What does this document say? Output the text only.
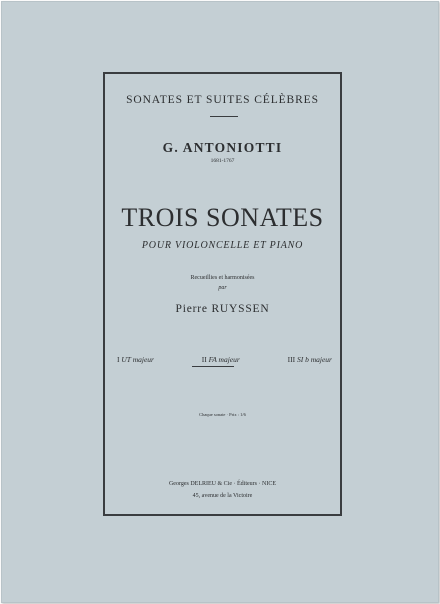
SONATES ET SUITES CÉLÈBRES
G. ANTONIOTTI
1681-1767
TROIS SONATES
POUR VIOLONCELLE ET PIANO
Recueillies et harmonisées
par
Pierre RUYSSEN
I UT majeur	II FA majeur	III SI b majeur
Chaque sonate · Prix : 1/6
Georges DELRIEU & Cie · Éditeurs · NICE
45, avenue de la Victoire
